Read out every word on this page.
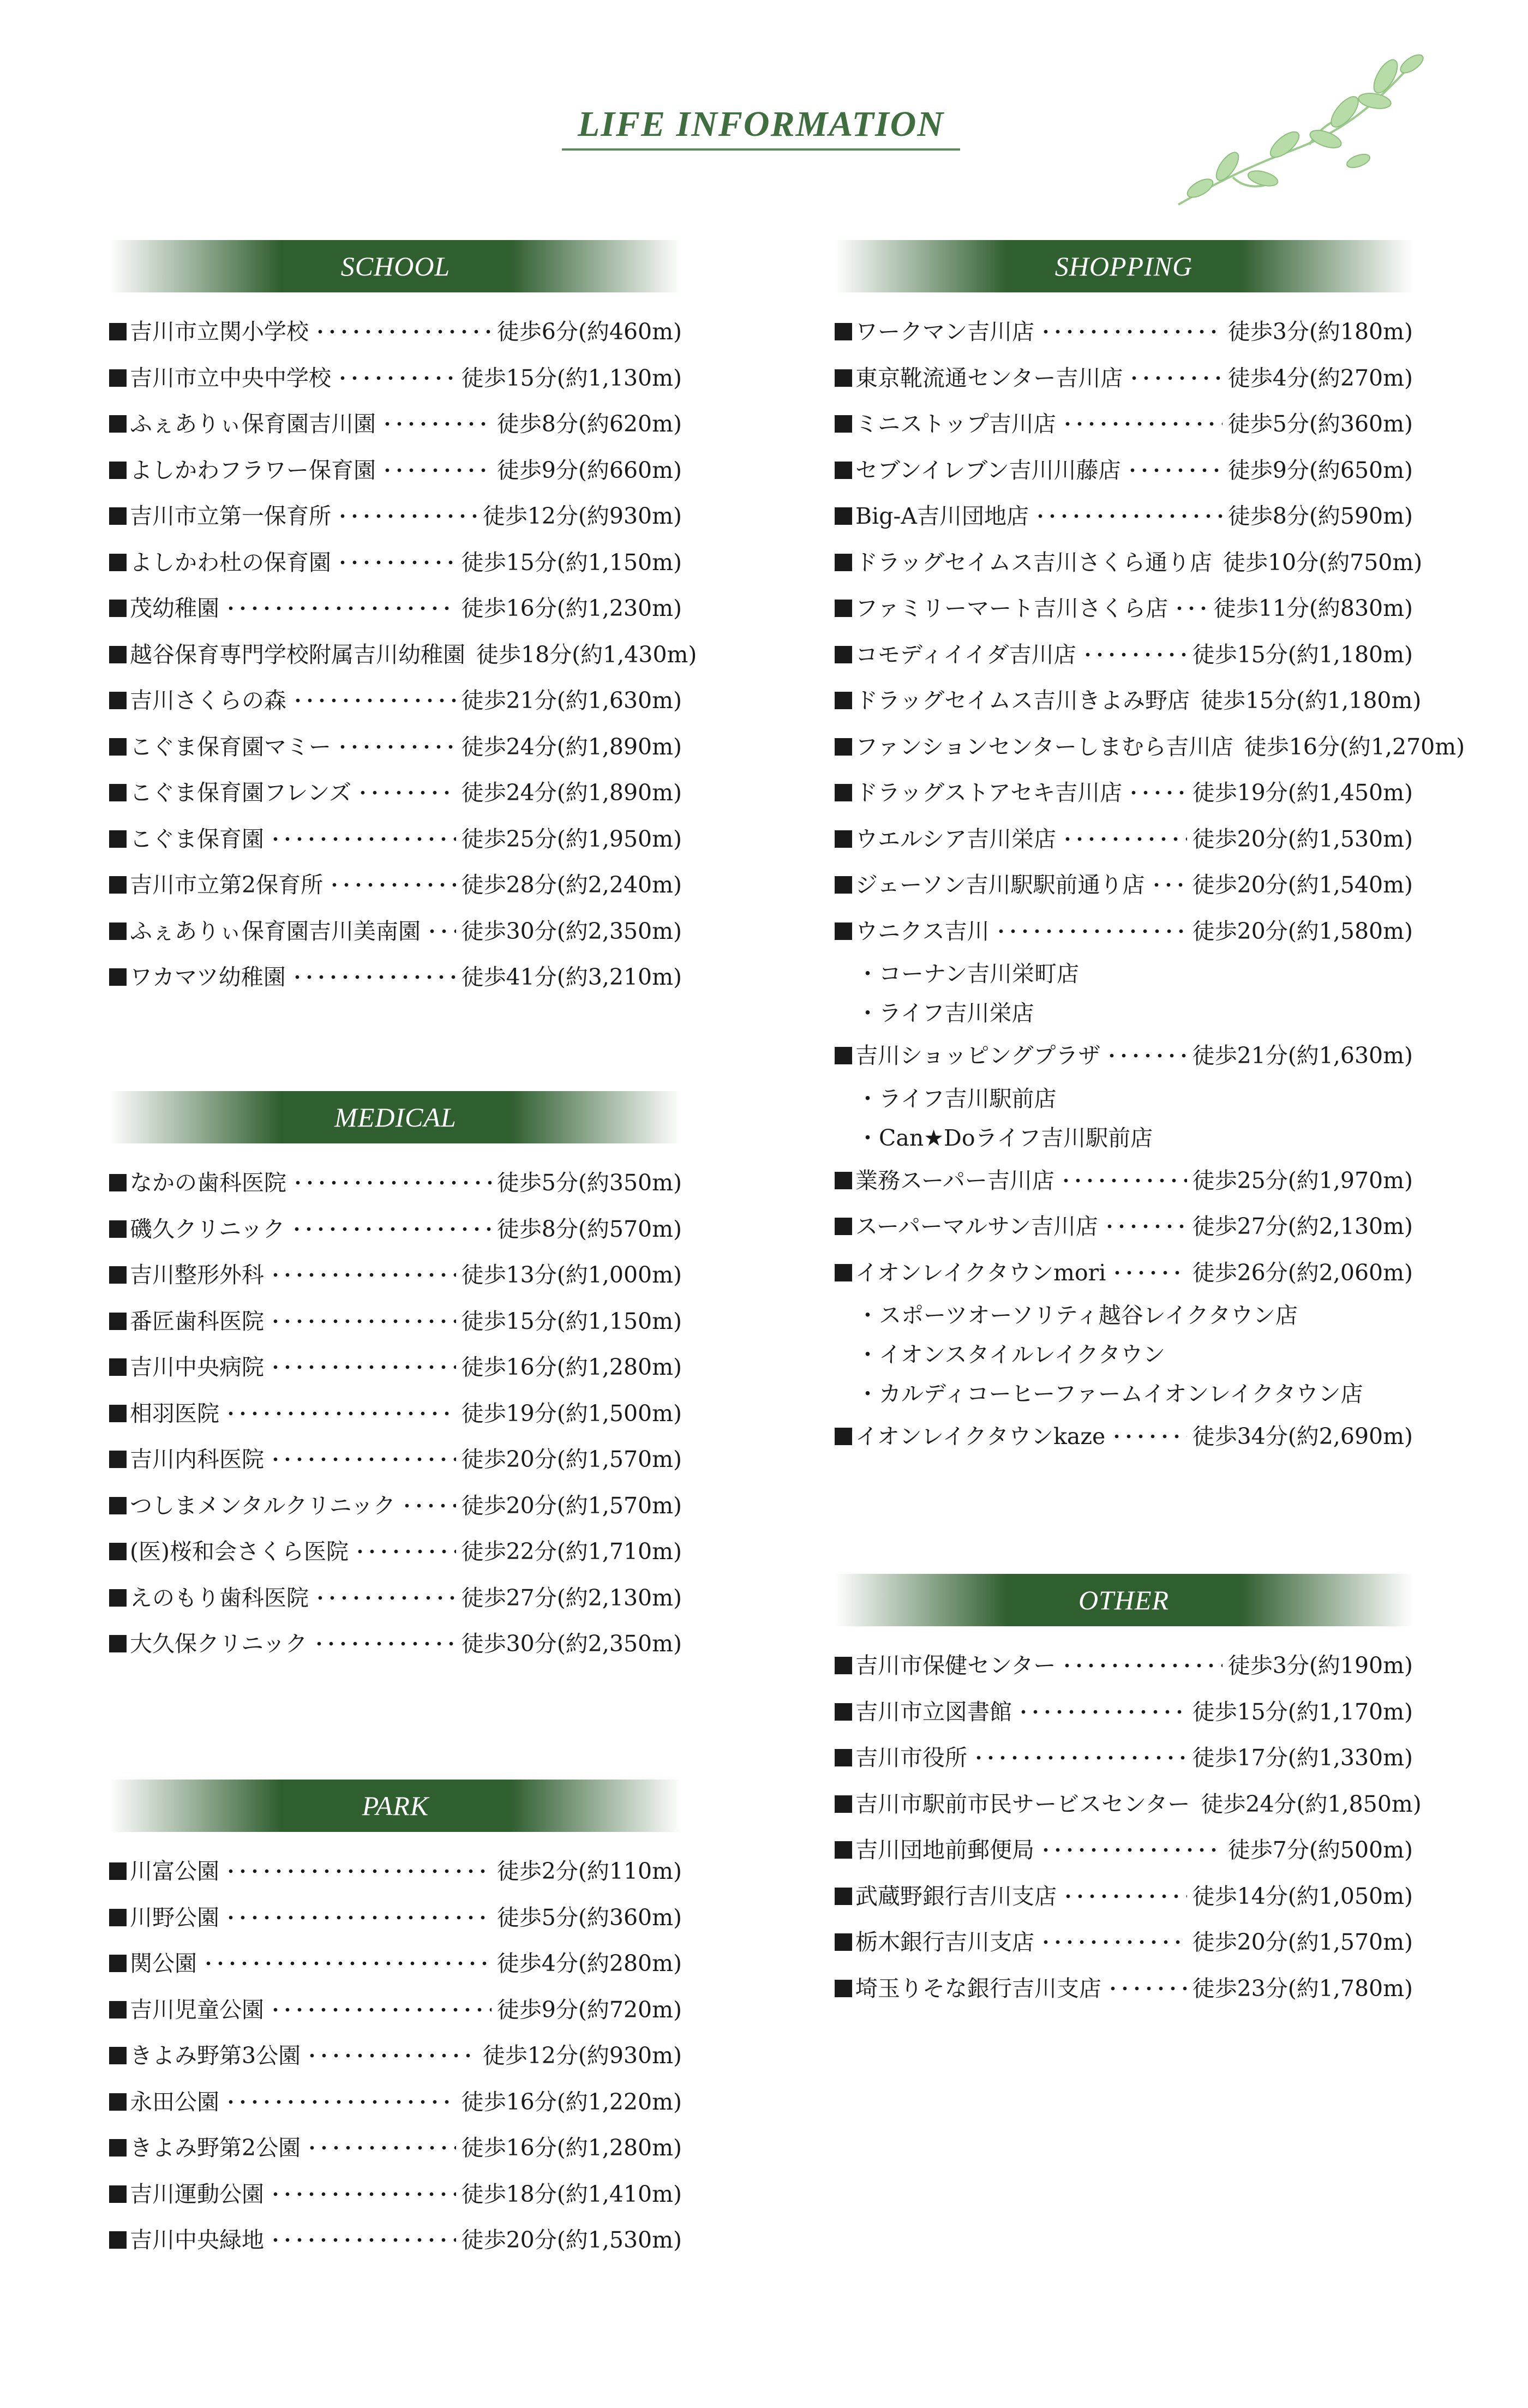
LIFE INFORMATION
SCHOOL
吉川市立関小学校	徒歩6分(約460m)
吉川市立中央中学校	徒歩15分(約1,130m)
ふぇありぃ保育園吉川園	徒歩8分(約620m)
よしかわフラワー保育園	徒歩9分(約660m)
吉川市立第一保育所	徒歩12分(約930m)
よしかわ杜の保育園	徒歩15分(約1,150m)
茂幼稚園	徒歩16分(約1,230m)
越谷保育専門学校附属吉川幼稚園 徒歩18分(約1,430m)
吉川さくらの森	徒歩21分(約1,630m)
こぐま保育園マミー	徒歩24分(約1,890m)
こぐま保育園フレンズ	徒歩24分(約1,890m)
こぐま保育園	徒歩25分(約1,950m)
吉川市立第2保育所	徒歩28分(約2,240m)
ふぇありぃ保育園吉川美南園 徒歩30分(約2,350m)
ワカマツ幼稚園	徒歩41分(約3,210m)
MEDICAL
なかの歯科医院	徒歩5分(約350m)
磯久クリニック	徒歩8分(約570m)
吉川整形外科	徒歩13分(約1,000m)
番匠歯科医院	徒歩15分(約1,150m)
吉川中央病院	徒歩16分(約1,280m)
相羽医院	徒歩19分(約1,500m)
吉川内科医院	徒歩20分(約1,570m)
つしまメンタルクリニック	徒歩20分(約1,570m)
(医)桜和会さくら医院	徒歩22分(約1,710m)
えのもり歯科医院	徒歩27分(約2,130m)
大久保クリニック	徒歩30分(約2,350m)
PARK
川富公園	徒歩2分(約110m)
川野公園	徒歩5分(約360m)
関公園	徒歩4分(約280m)
吉川児童公園	徒歩9分(約720m)
きよみ野第3公園	徒歩12分(約930m)
永田公園	徒歩16分(約1,220m)
きよみ野第2公園	徒歩16分(約1,280m)
吉川運動公園	徒歩18分(約1,410m)
吉川中央緑地	徒歩20分(約1,530m)
SHOPPING
ワークマン吉川店	徒歩3分(約180m)
東京靴流通センター吉川店	徒歩4分(約270m)
ミニストップ吉川店	徒歩5分(約360m)
セブンイレブン吉川川藤店	徒歩9分(約650m)
Big-A吉川団地店	徒歩8分(約590m)
ドラッグセイムス吉川さくら通り店 徒歩10分(約750m)
ファミリーマート吉川さくら店 徒歩11分(約830m)
コモディイイダ吉川店	徒歩15分(約1,180m)
ドラッグセイムス吉川きよみ野店 徒歩15分(約1,180m)
ファンションセンターしまむら吉川店 徒歩16分(約1,270m)
ドラッグストアセキ吉川店	徒歩19分(約1,450m)
ウエルシア吉川栄店	徒歩20分(約1,530m)
ジェーソン吉川駅駅前通り店 徒歩20分(約1,540m)
ウニクス吉川	徒歩20分(約1,580m)
・コーナン吉川栄町店
・ライフ吉川栄店
吉川ショッピングプラザ	徒歩21分(約1,630m)
・ライフ吉川駅前店
・Can★Doライフ吉川駅前店
業務スーパー吉川店	徒歩25分(約1,970m)
スーパーマルサン吉川店	徒歩27分(約2,130m)
イオンレイクタウンmori	徒歩26分(約2,060m)
・スポーツオーソリティ越谷レイクタウン店
・イオンスタイルレイクタウン
・カルディコーヒーファームイオンレイクタウン店
イオンレイクタウンkaze	徒歩34分(約2,690m)
OTHER
吉川市保健センター	徒歩3分(約190m)
吉川市立図書館	徒歩15分(約1,170m)
吉川市役所	徒歩17分(約1,330m)
吉川市駅前市民サービスセンター 徒歩24分(約1,850m)
吉川団地前郵便局	徒歩7分(約500m)
武蔵野銀行吉川支店	徒歩14分(約1,050m)
栃木銀行吉川支店	徒歩20分(約1,570m)
埼玉りそな銀行吉川支店	徒歩23分(約1,780m)
